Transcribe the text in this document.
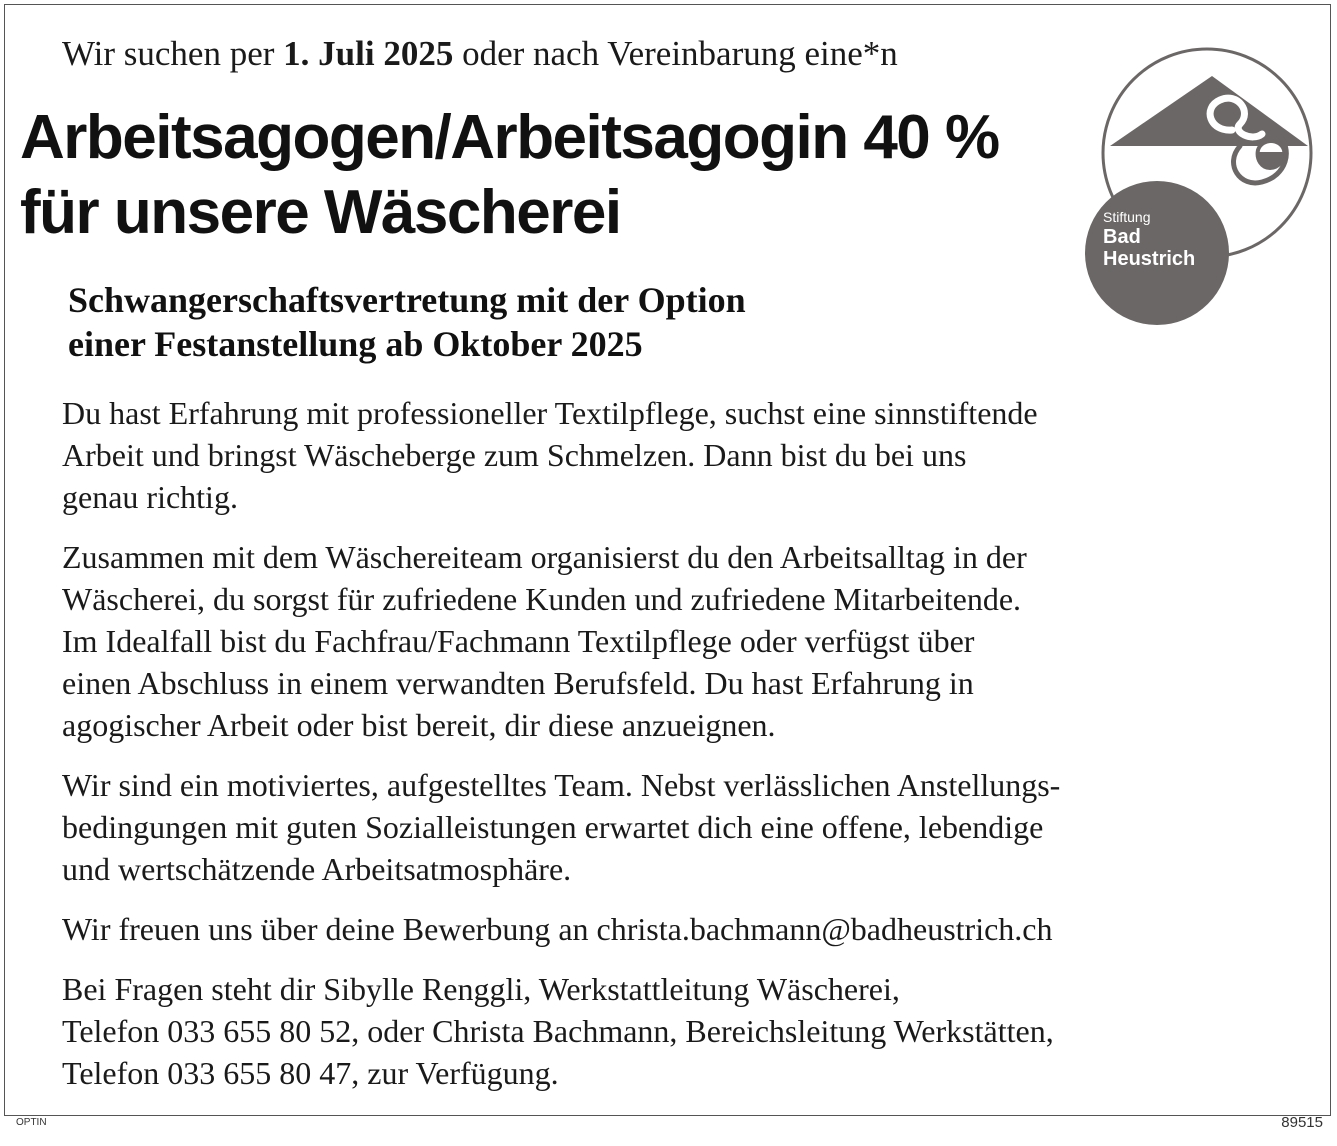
Wir suchen per 1. Juli 2025 oder nach Vereinbarung eine*n
Arbeitsagogen/Arbeitsagogin 40 %
für unsere Wäscherei
Schwangerschaftsvertretung mit der Option
einer Festanstellung ab Oktober 2025

Du hast Erfahrung mit professioneller Textilpflege, suchst eine sinnstiftende
Arbeit und bringst Wäscheberge zum Schmelzen. Dann bist du bei uns
genau richtig.

Zusammen mit dem Wäschereiteam organisierst du den Arbeitsalltag in der
Wäscherei, du sorgst für zufriedene Kunden und zufriedene Mitarbeitende.
Im Idealfall bist du Fachfrau/Fachmann Textilpflege oder verfügst über
einen Abschluss in einem verwandten Berufsfeld. Du hast Erfahrung in
agogischer Arbeit oder bist bereit, dir diese anzueignen.

Wir sind ein motiviertes, aufgestelltes Team. Nebst verlässlichen Anstellungs-
bedingungen mit guten Sozialleistungen erwartet dich eine offene, lebendige
und wertschätzende Arbeitsatmosphäre.

Wir freuen uns über deine Bewerbung an christa.bachmann@badheustrich.ch

Bei Fragen steht dir Sibylle Renggli, Werkstattleitung Wäscherei,
Telefon 033 655 80 52, oder Christa Bachmann, Bereichsleitung Werkstätten,
Telefon 033 655 80 47, zur Verfügung.

Stiftung
Bad
Heustrich
OPTIN	89515
